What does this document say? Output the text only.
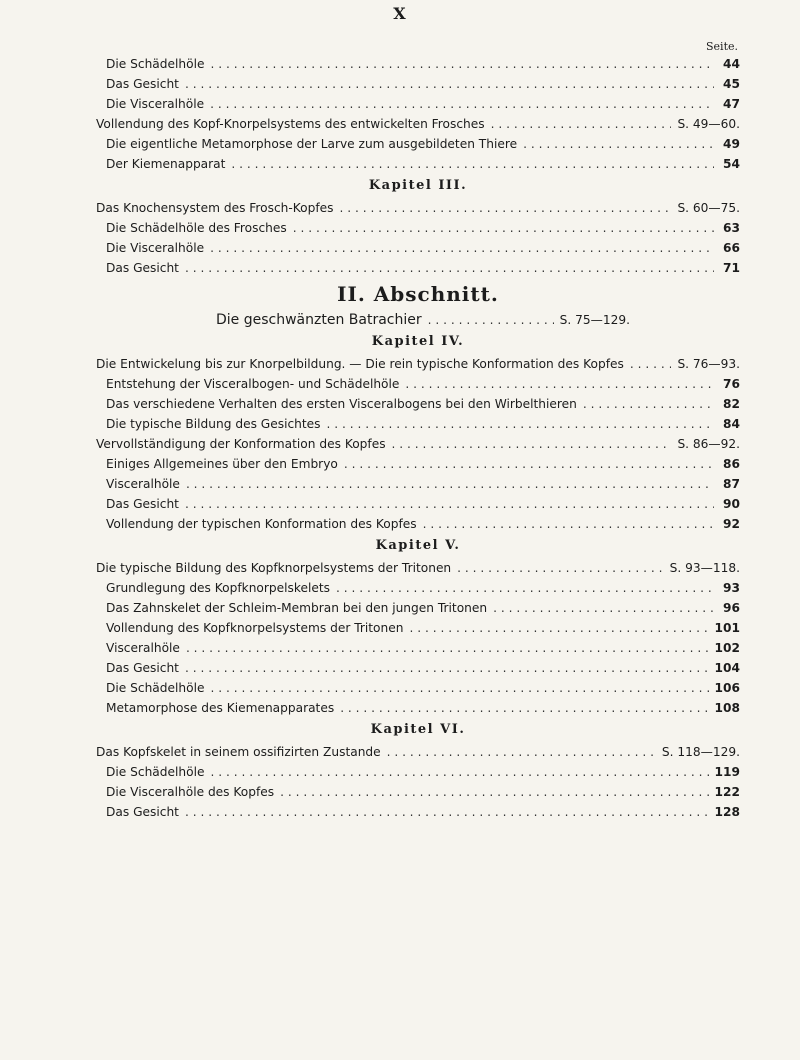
X
Seite.
Die Schädelhöle . . .	44
Das Gesicht . . .	45
Die Visceralhöle . . .	47
Vollendung des Kopf-Knorpelsystems des entwickelten Frosches . . .	S. 49—60.
Die eigentliche Metamorphose der Larve zum ausgebildeten Thiere . . .	49
Der Kiemenapparat . . .	54
Kapitel III.
Das Knochensystem des Frosch-Kopfes . . .	S. 60—75.
Die Schädelhöle des Frosches . . .	63
Die Visceralhöle . . .	66
Das Gesicht . . .	71
II. Abschnitt.
Die geschwänzten Batrachier . . .	S. 75—129.
Kapitel IV.
Die Entwickelung bis zur Knorpelbildung. — Die rein typische Konformation des Kopfes . . .	S. 76—93.
Entstehung der Visceralbogen- und Schädelhöle . . .	76
Das verschiedene Verhalten des ersten Visceralbogens bei den Wirbelthieren . . .	82
Die typische Bildung des Gesichtes . . .	84
Vervollständigung der Konformation des Kopfes . . .	S. 86—92.
Einiges Allgemeines über den Embryo . . .	86
Visceralhöle . . .	87
Das Gesicht . . .	90
Vollendung der typischen Konformation des Kopfes . . .	92
Kapitel V.
Die typische Bildung des Kopfknorpelsystems der Tritonen . . .	S. 93—118.
Grundlegung des Kopfknorpelskelets . . .	93
Das Zahnskelet der Schleim-Membran bei den jungen Tritonen . . .	96
Vollendung des Kopfknorpelsystems der Tritonen . . .	101
Visceralhöle . . .	102
Das Gesicht . . .	104
Die Schädelhöle . . .	106
Metamorphose des Kiemenapparates . . .	108
Kapitel VI.
Das Kopfskelet in seinem ossifizirten Zustande . . .	S. 118—129.
Die Schädelhöle . . .	119
Die Visceralhöle des Kopfes . . .	122
Das Gesicht . . .	128
